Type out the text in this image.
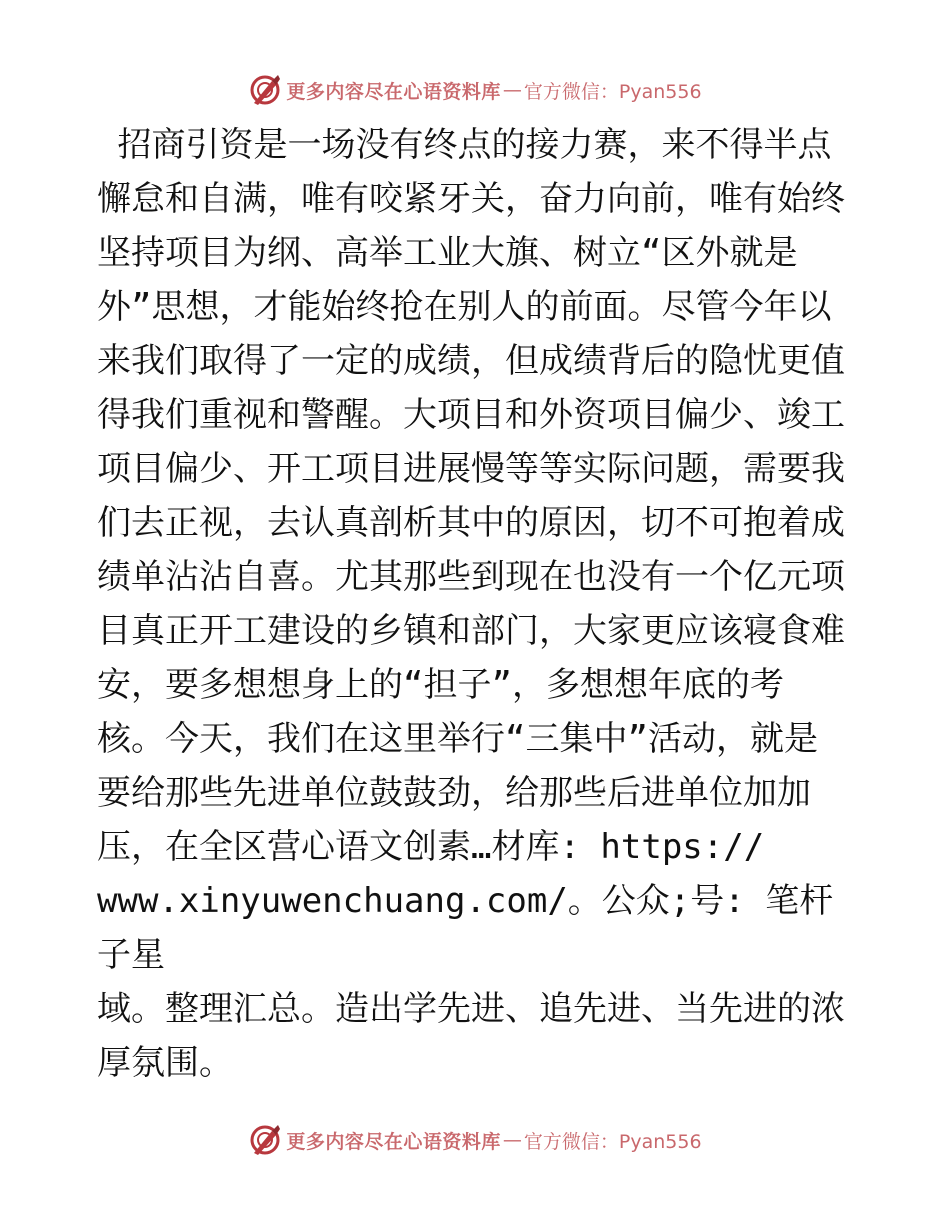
更多内容尽在心语资料库 — 官方微信：Pyan556

招商引资是一场没有终点的接力赛，来不得半点
懈怠和自满，唯有咬紧牙关，奋力向前，唯有始终
坚持项目为纲、高举工业大旗、树立“区外就是
外”思想，才能始终抢在别人的前面。尽管今年以
来我们取得了一定的成绩，但成绩背后的隐忧更值
得我们重视和警醒。大项目和外资项目偏少、竣工
项目偏少、开工项目进展慢等等实际问题，需要我
们去正视，去认真剖析其中的原因，切不可抱着成
绩单沾沾自喜。尤其那些到现在也没有一个亿元项
目真正开工建设的乡镇和部门，大家更应该寝食难
安，要多想想身上的“担子”，多想想年底的考
核。今天，我们在这里举行“三集中”活动，就是
要给那些先进单位鼓鼓劲，给那些后进单位加加
压，在全区营心语文创素…材库: https://
www.xinyuwenchuang.com/。公众;号: 笔杆子星
域。整理汇总。造出学先进、追先进、当先进的浓
厚氛围。

更多内容尽在心语资料库 — 官方微信：Pyan556
